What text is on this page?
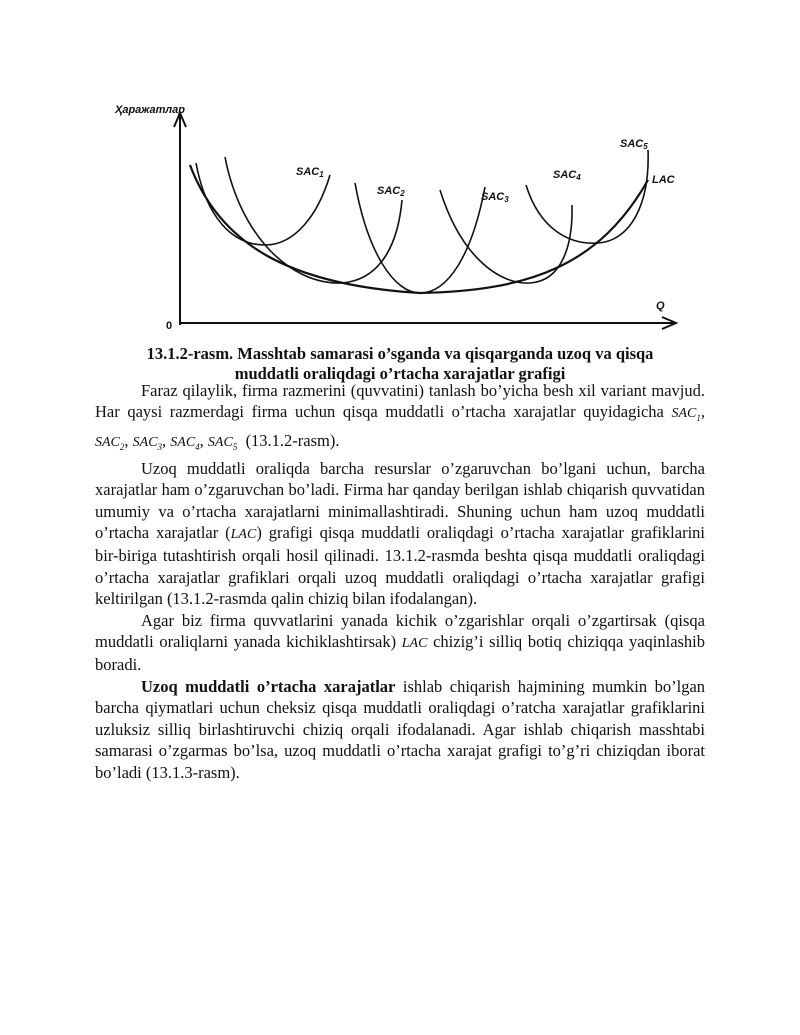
Ҳаражатлар
Q
0
SAC1
SAC2	SAC3
SAC4
SAC5
LAC
13.1.2-rasm. Masshtab samarasi o’sganda va qisqarganda uzoq va qisqa
muddatli oraliqdagi o’rtacha xarajatlar grafigi

Faraz qilaylik, firma razmerini (quvvatini) tanlash bo’yicha besh xil variant mavjud. Har qaysi razmerdagi firma uchun qisqa muddatli o’rtacha xarajatlar quyidagicha $SAC_1$, $SAC_2$, $SAC_3$, $SAC_4$, $SAC_5$ (13.1.2-rasm).

Uzoq muddatli oraliqda barcha resurslar o’zgaruvchan bo’lgani uchun, barcha xarajatlar ham o’zgaruvchan bo’ladi. Firma har qanday berilgan ishlab chiqarish quvvatidan umumiy va o’rtacha xarajatlarni minimallashtiradi. Shuning uchun ham uzoq muddatli o’rtacha xarajatlar (LAC) grafigi qisqa muddatli oraliqdagi o’rtacha xarajatlar grafiklarini bir-biriga tutashtirish orqali hosil qilinadi. 13.1.2-rasmda beshta qisqa muddatli oraliqdagi o’rtacha xarajatlar grafiklari orqali uzoq muddatli oraliqdagi o’rtacha xarajatlar grafigi keltirilgan (13.1.2-rasmda qalin chiziq bilan ifodalangan).

Agar biz firma quvvatlarini yanada kichik o’zgarishlar orqali o’zgartirsak (qisqa muddatli oraliqlarni yanada kichiklashtirsak) LAC chizig’i silliq botiq chiziqqa yaqinlashib boradi.

Uzoq muddatli o’rtacha xarajatlar ishlab chiqarish hajmining mumkin bo’lgan barcha qiymatlari uchun cheksiz qisqa muddatli oraliqdagi o’ratcha xarajatlar grafiklarini uzluksiz silliq birlashtiruvchi chiziq orqali ifodalanadi. Agar ishlab chiqarish masshtabi samarasi o’zgarmas bo’lsa, uzoq muddatli o’rtacha xarajat grafigi to’g’ri chiziqdan iborat bo’ladi (13.1.3-rasm).
